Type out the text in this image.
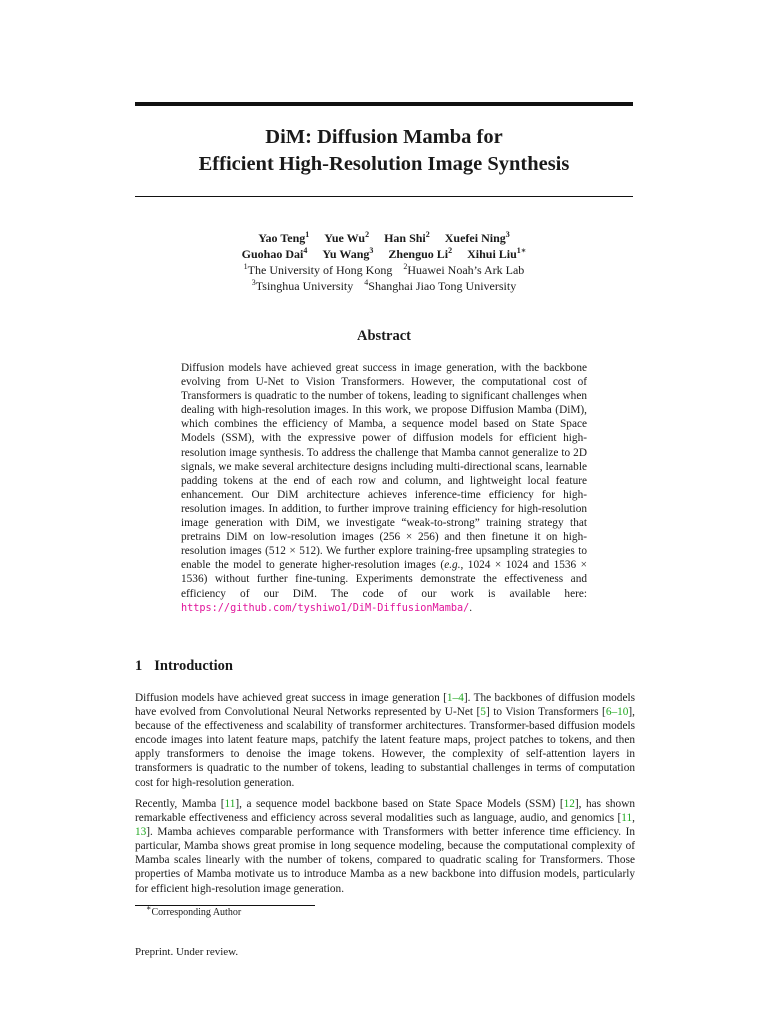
DiM: Diffusion Mamba for
Efficient High-Resolution Image Synthesis
Yao Teng$^1$ Yue Wu$^2$ Han Shi$^2$ Xuefei Ning$^3$
Guohao Dai$^4$ Yu Wang$^3$ Zhenguo Li$^2$ Xihui Liu$^{1∗}$
$^1$The University of Hong Kong $^2$Huawei Noah’s Ark Lab
$^3$Tsinghua University $^4$Shanghai Jiao Tong University
Abstract
Diffusion models have achieved great success in image generation, with the backbone evolving from U-Net to Vision Transformers. However, the computational cost of Transformers is quadratic to the number of tokens, leading to significant challenges when dealing with high-resolution images. In this work, we propose Diffusion Mamba (DiM), which combines the efficiency of Mamba, a sequence model based on State Space Models (SSM), with the expressive power of diffusion models for efficient high-resolution image synthesis. To address the challenge that Mamba cannot generalize to 2D signals, we make several architecture designs including multi-directional scans, learnable padding tokens at the end of each row and column, and lightweight local feature enhancement. Our DiM architecture achieves inference-time efficiency for high-resolution images. In addition, to further improve training efficiency for high-resolution image generation with DiM, we investigate “weak-to-strong” training strategy that pretrains DiM on low-resolution images (256 × 256) and then finetune it on high-resolution images (512 × 512). We further explore training-free upsampling strategies to enable the model to generate higher-resolution images (e.g., 1024 × 1024 and 1536 × 1536) without further fine-tuning. Experiments demonstrate the effectiveness and efficiency of our DiM. The code of our work is available here: https://github.com/tyshiwo1/DiM-DiffusionMamba/.
1 Introduction
Diffusion models have achieved great success in image generation [1–4]. The backbones of diffusion models have evolved from Convolutional Neural Networks represented by U-Net [5] to Vision Transformers [6–10], because of the effectiveness and scalability of transformer architectures. Transformer-based diffusion models encode images into latent feature maps, patchify the latent feature maps, project patches to tokens, and then apply transformers to denoise the image tokens. However, the complexity of self-attention layers in transformers is quadratic to the number of tokens, leading to substantial challenges in terms of computation cost for high-resolution generation.
Recently, Mamba [11], a sequence model backbone based on State Space Models (SSM) [12], has shown remarkable effectiveness and efficiency across several modalities such as language, audio, and genomics [11, 13]. Mamba achieves comparable performance with Transformers with better inference time efficiency. In particular, Mamba shows great promise in long sequence modeling, because the computational complexity of Mamba scales linearly with the number of tokens, compared to quadratic scaling for Transformers. Those properties of Mamba motivate us to introduce Mamba as a new backbone into diffusion models, particularly for efficient high-resolution image generation.
∗Corresponding Author
Preprint. Under review.
